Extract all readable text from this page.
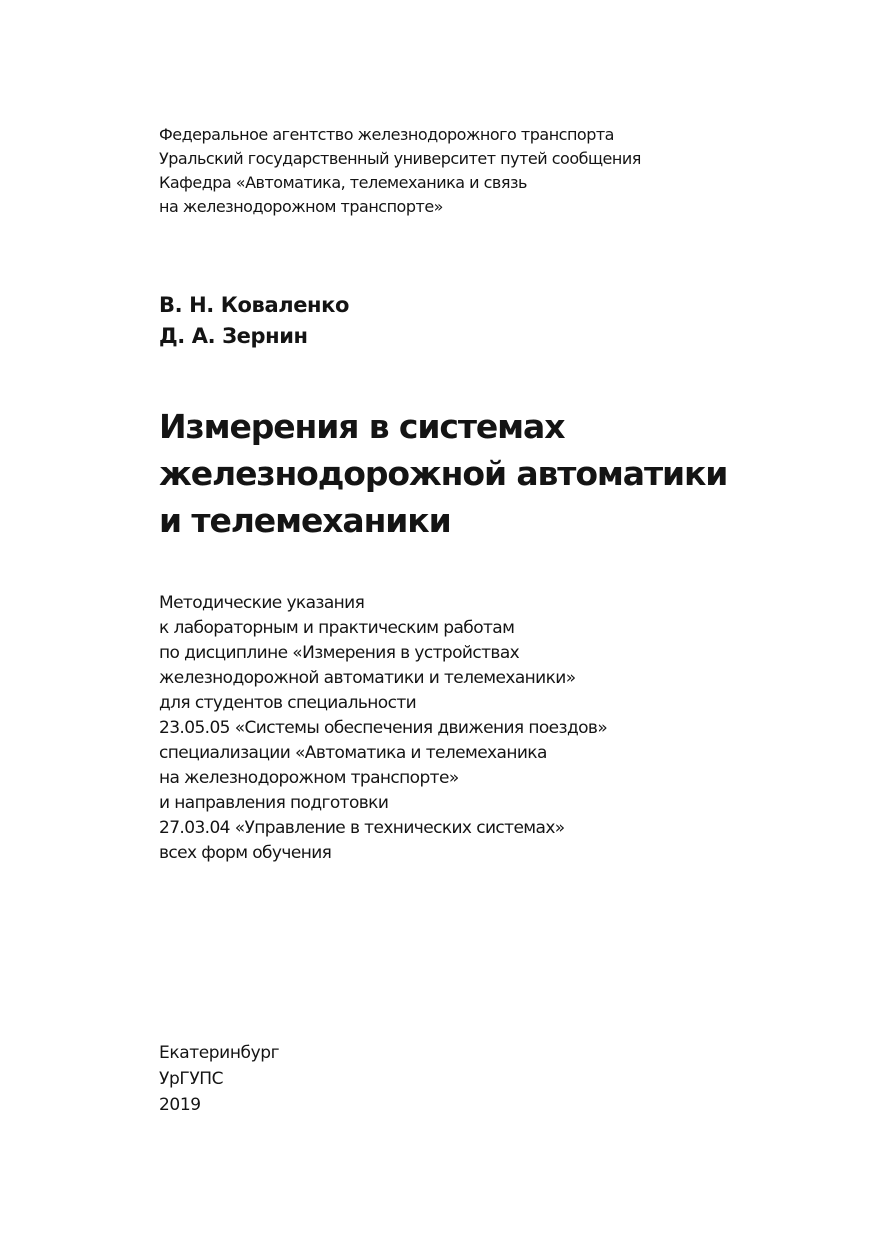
Федеральное агентство железнодорожного транспорта
Уральский государственный университет путей сообщения
Кафедра «Автоматика, телемеханика и связь
на железнодорожном транспорте»
В. Н. Коваленко
Д. А. Зернин
Измерения в системах
железнодорожной автоматики
и телемеханики
Методические указания
к лабораторным и практическим работам
по дисциплине «Измерения в устройствах
железнодорожной автоматики и телемеханики»
для студентов специальности
23.05.05 «Системы обеспечения движения поездов»
специализации «Автоматика и телемеханика
на железнодорожном транспорте»
и направления подготовки
27.03.04 «Управление в технических системах»
всех форм обучения
Екатеринбург
УрГУПС
2019
